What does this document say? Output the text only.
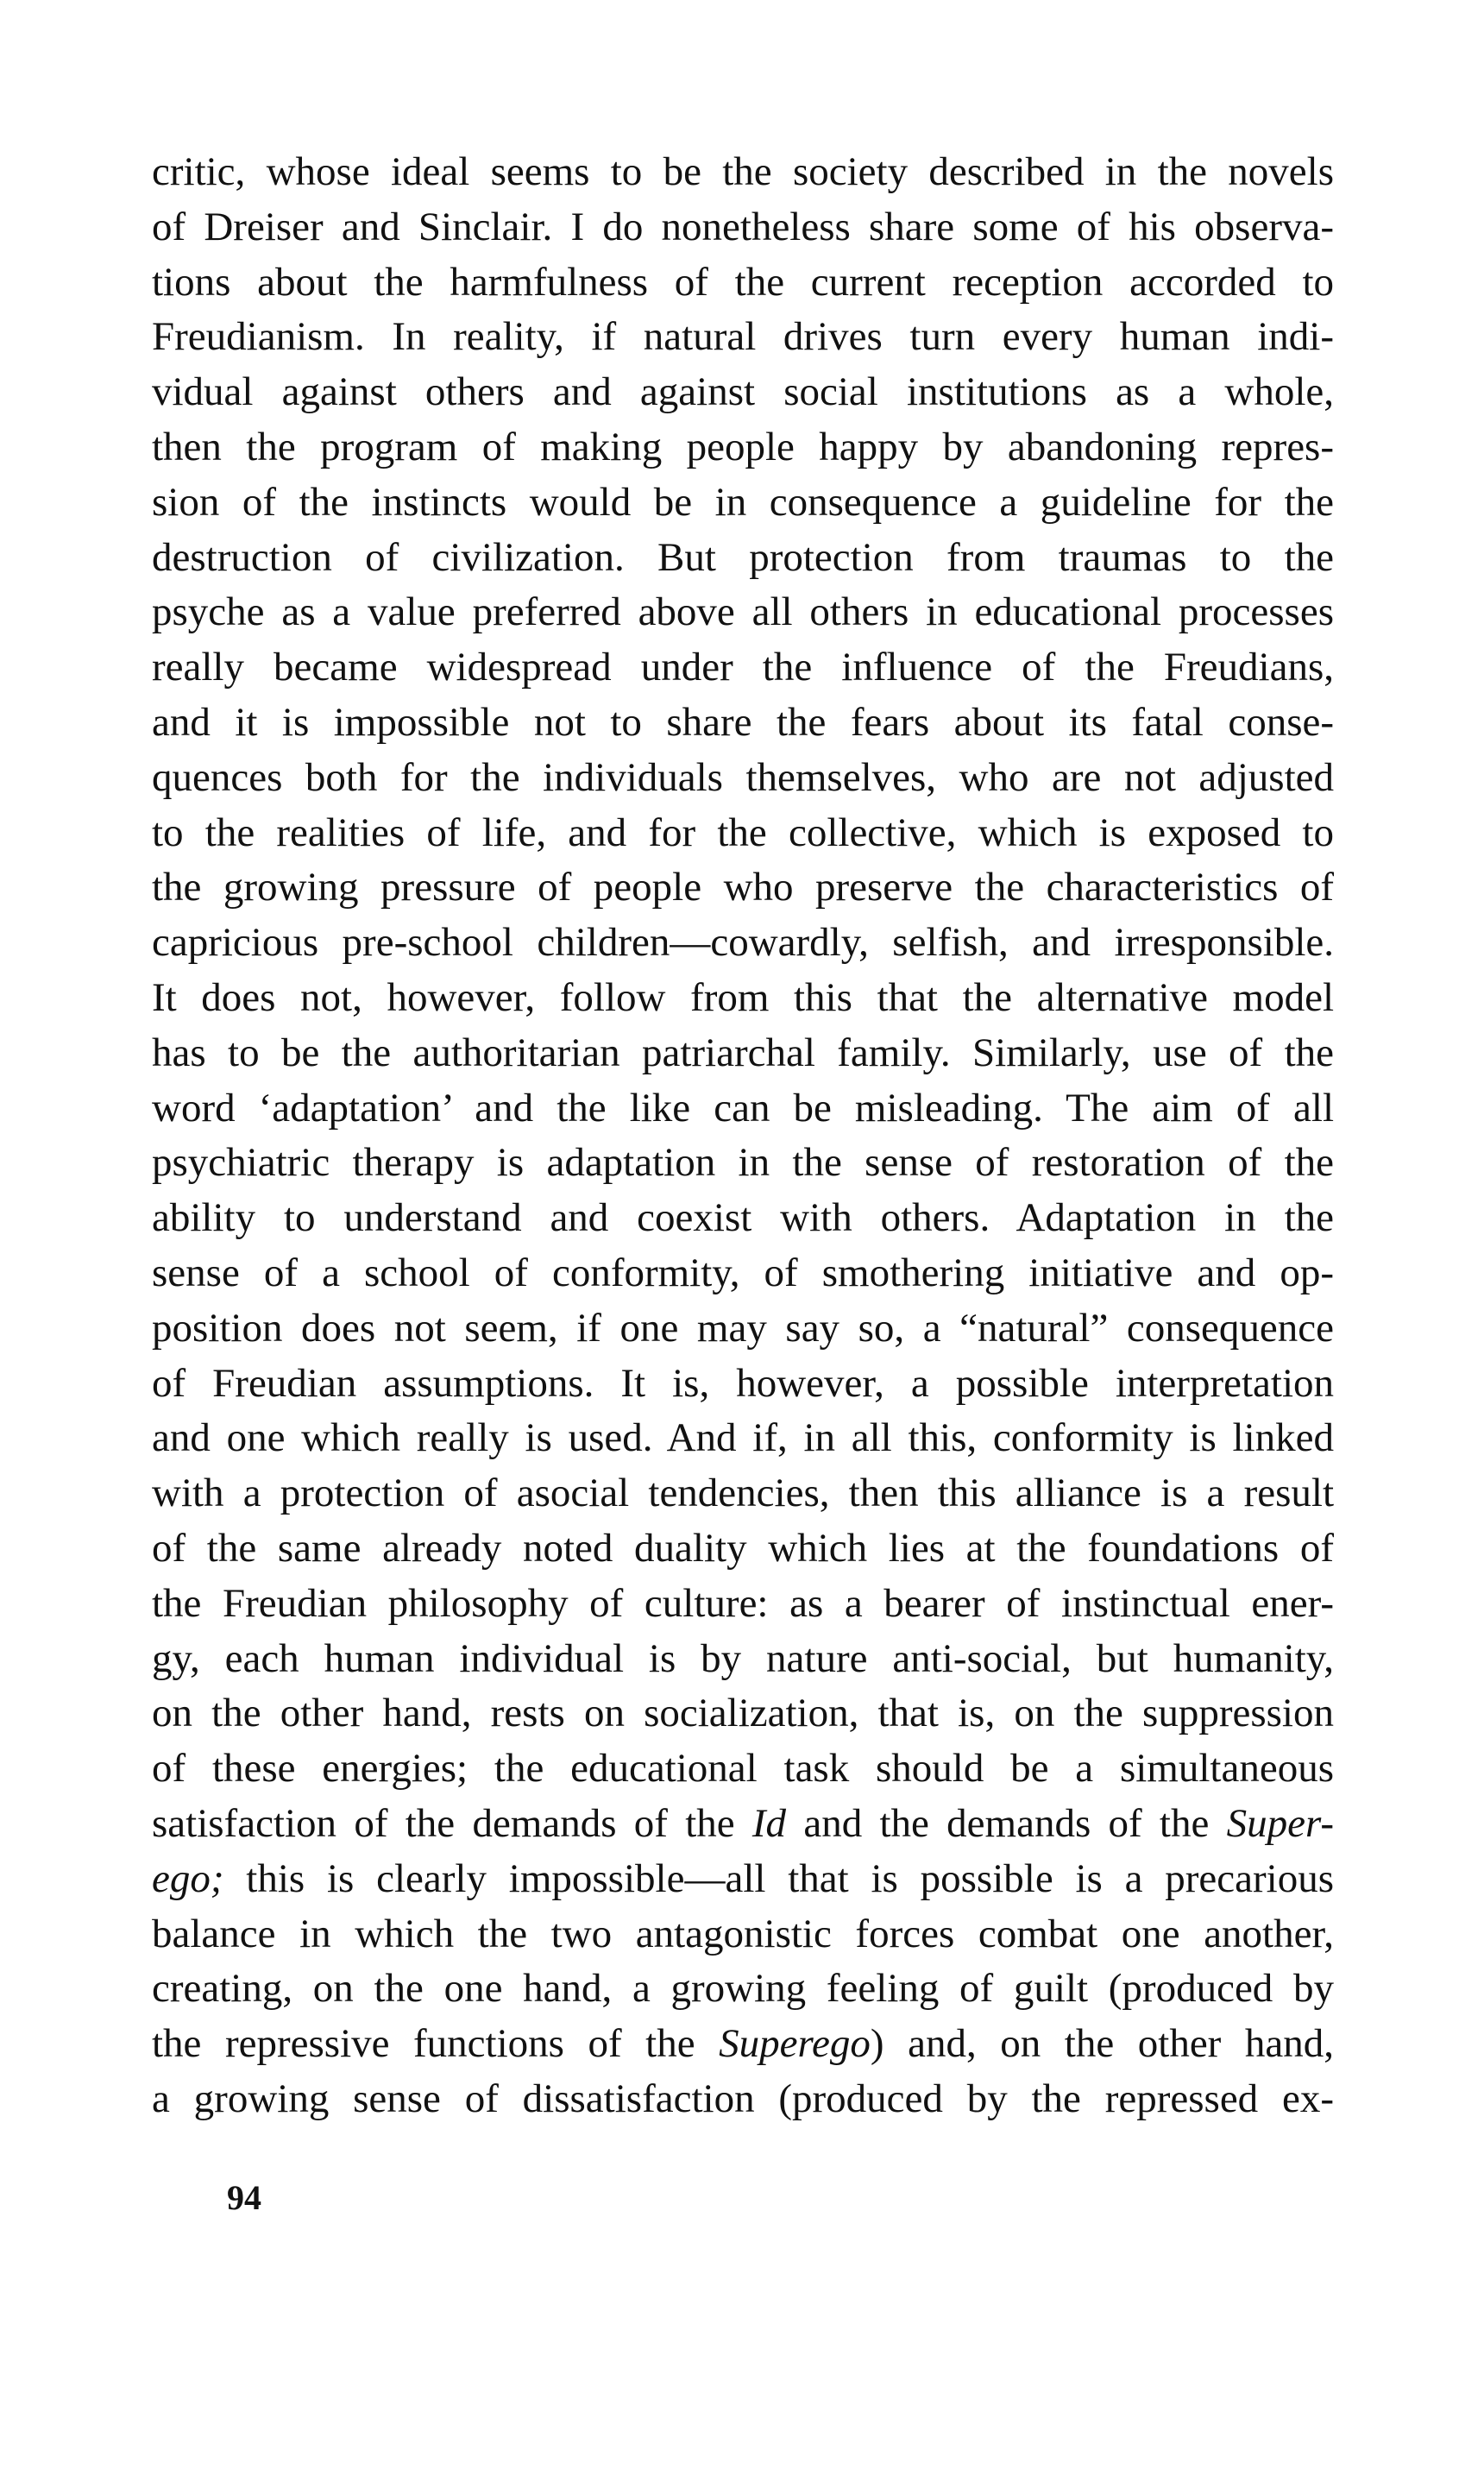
critic, whose ideal seems to be the society described in the novels
of Dreiser and Sinclair. I do nonetheless share some of his observa-
tions about the harmfulness of the current reception accorded to
Freudianism. In reality, if natural drives turn every human indi-
vidual against others and against social institutions as a whole,
then the program of making people happy by abandoning repres-
sion of the instincts would be in consequence a guideline for the
destruction of civilization. But protection from traumas to the
psyche as a value preferred above all others in educational processes
really became widespread under the influence of the Freudians,
and it is impossible not to share the fears about its fatal conse-
quences both for the individuals themselves, who are not adjusted
to the realities of life, and for the collective, which is exposed to
the growing pressure of people who preserve the characteristics of
capricious pre-school children—cowardly, selfish, and irresponsible.
It does not, however, follow from this that the alternative model
has to be the authoritarian patriarchal family. Similarly, use of the
word ‘adaptation’ and the like can be misleading. The aim of all
psychiatric therapy is adaptation in the sense of restoration of the
ability to understand and coexist with others. Adaptation in the
sense of a school of conformity, of smothering initiative and op-
position does not seem, if one may say so, a “natural” consequence
of Freudian assumptions. It is, however, a possible interpretation
and one which really is used. And if, in all this, conformity is linked
with a protection of asocial tendencies, then this alliance is a result
of the same already noted duality which lies at the foundations of
the Freudian philosophy of culture: as a bearer of instinctual ener-
gy, each human individual is by nature anti-social, but humanity,
on the other hand, rests on socialization, that is, on the suppression
of these energies; the educational task should be a simultaneous
satisfaction of the demands of the Id and the demands of the Super-
ego; this is clearly impossible—all that is possible is a precarious
balance in which the two antagonistic forces combat one another,
creating, on the one hand, a growing feeling of guilt (produced by
the repressive functions of the Superego) and, on the other hand,
a growing sense of dissatisfaction (produced by the repressed ex-
94
